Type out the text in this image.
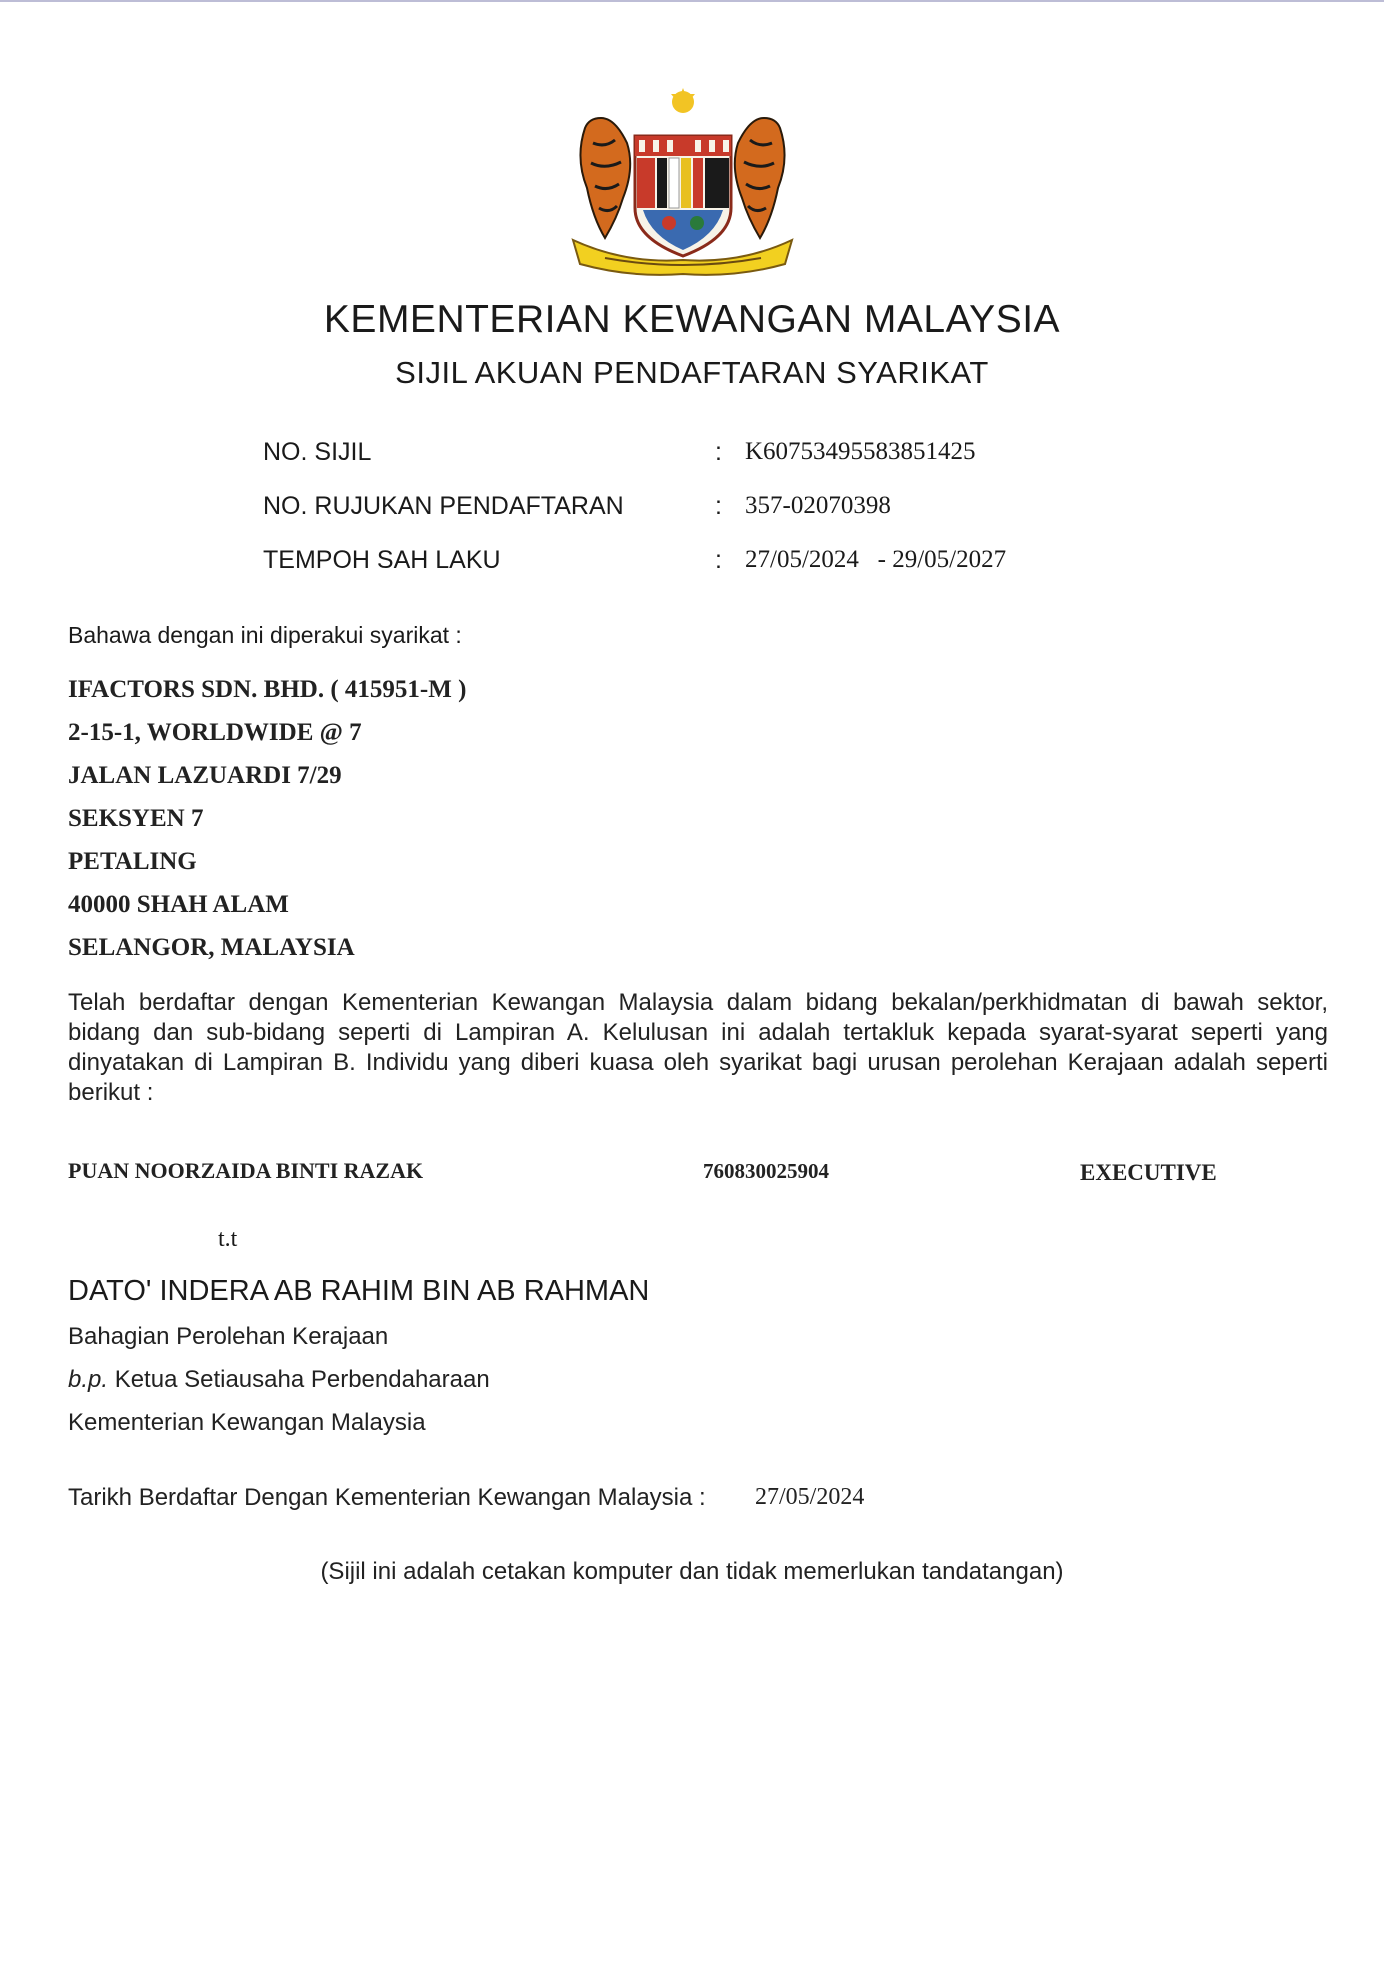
KEMENTERIAN KEWANGAN MALAYSIA
SIJIL AKUAN PENDAFTARAN SYARIKAT
NO. SIJIL	: K60753495583851425
NO. RUJUKAN PENDAFTARAN	: 357-02070398
TEMPOH SAH LAKU	: 27/05/2024   - 29/05/2027
Bahawa dengan ini diperakui syarikat :
IFACTORS SDN. BHD. ( 415951-M )
2-15-1, WORLDWIDE @ 7
JALAN LAZUARDI 7/29
SEKSYEN 7
PETALING
40000 SHAH ALAM
SELANGOR, MALAYSIA
Telah berdaftar dengan Kementerian Kewangan Malaysia dalam bidang bekalan/perkhidmatan di bawah sektor, bidang dan sub-bidang seperti di Lampiran A. Kelulusan ini adalah tertakluk kepada syarat-syarat seperti yang dinyatakan di Lampiran B. Individu yang diberi kuasa oleh syarikat bagi urusan perolehan Kerajaan adalah seperti berikut :
PUAN NOORZAIDA BINTI RAZAK	760830025904	EXECUTIVE
t.t
DATO' INDERA AB RAHIM BIN AB RAHMAN
Bahagian Perolehan Kerajaan
b.p. Ketua Setiausaha Perbendaharaan
Kementerian Kewangan Malaysia
Tarikh Berdaftar Dengan Kementerian Kewangan Malaysia : 27/05/2024
(Sijil ini adalah cetakan komputer dan tidak memerlukan tandatangan)
